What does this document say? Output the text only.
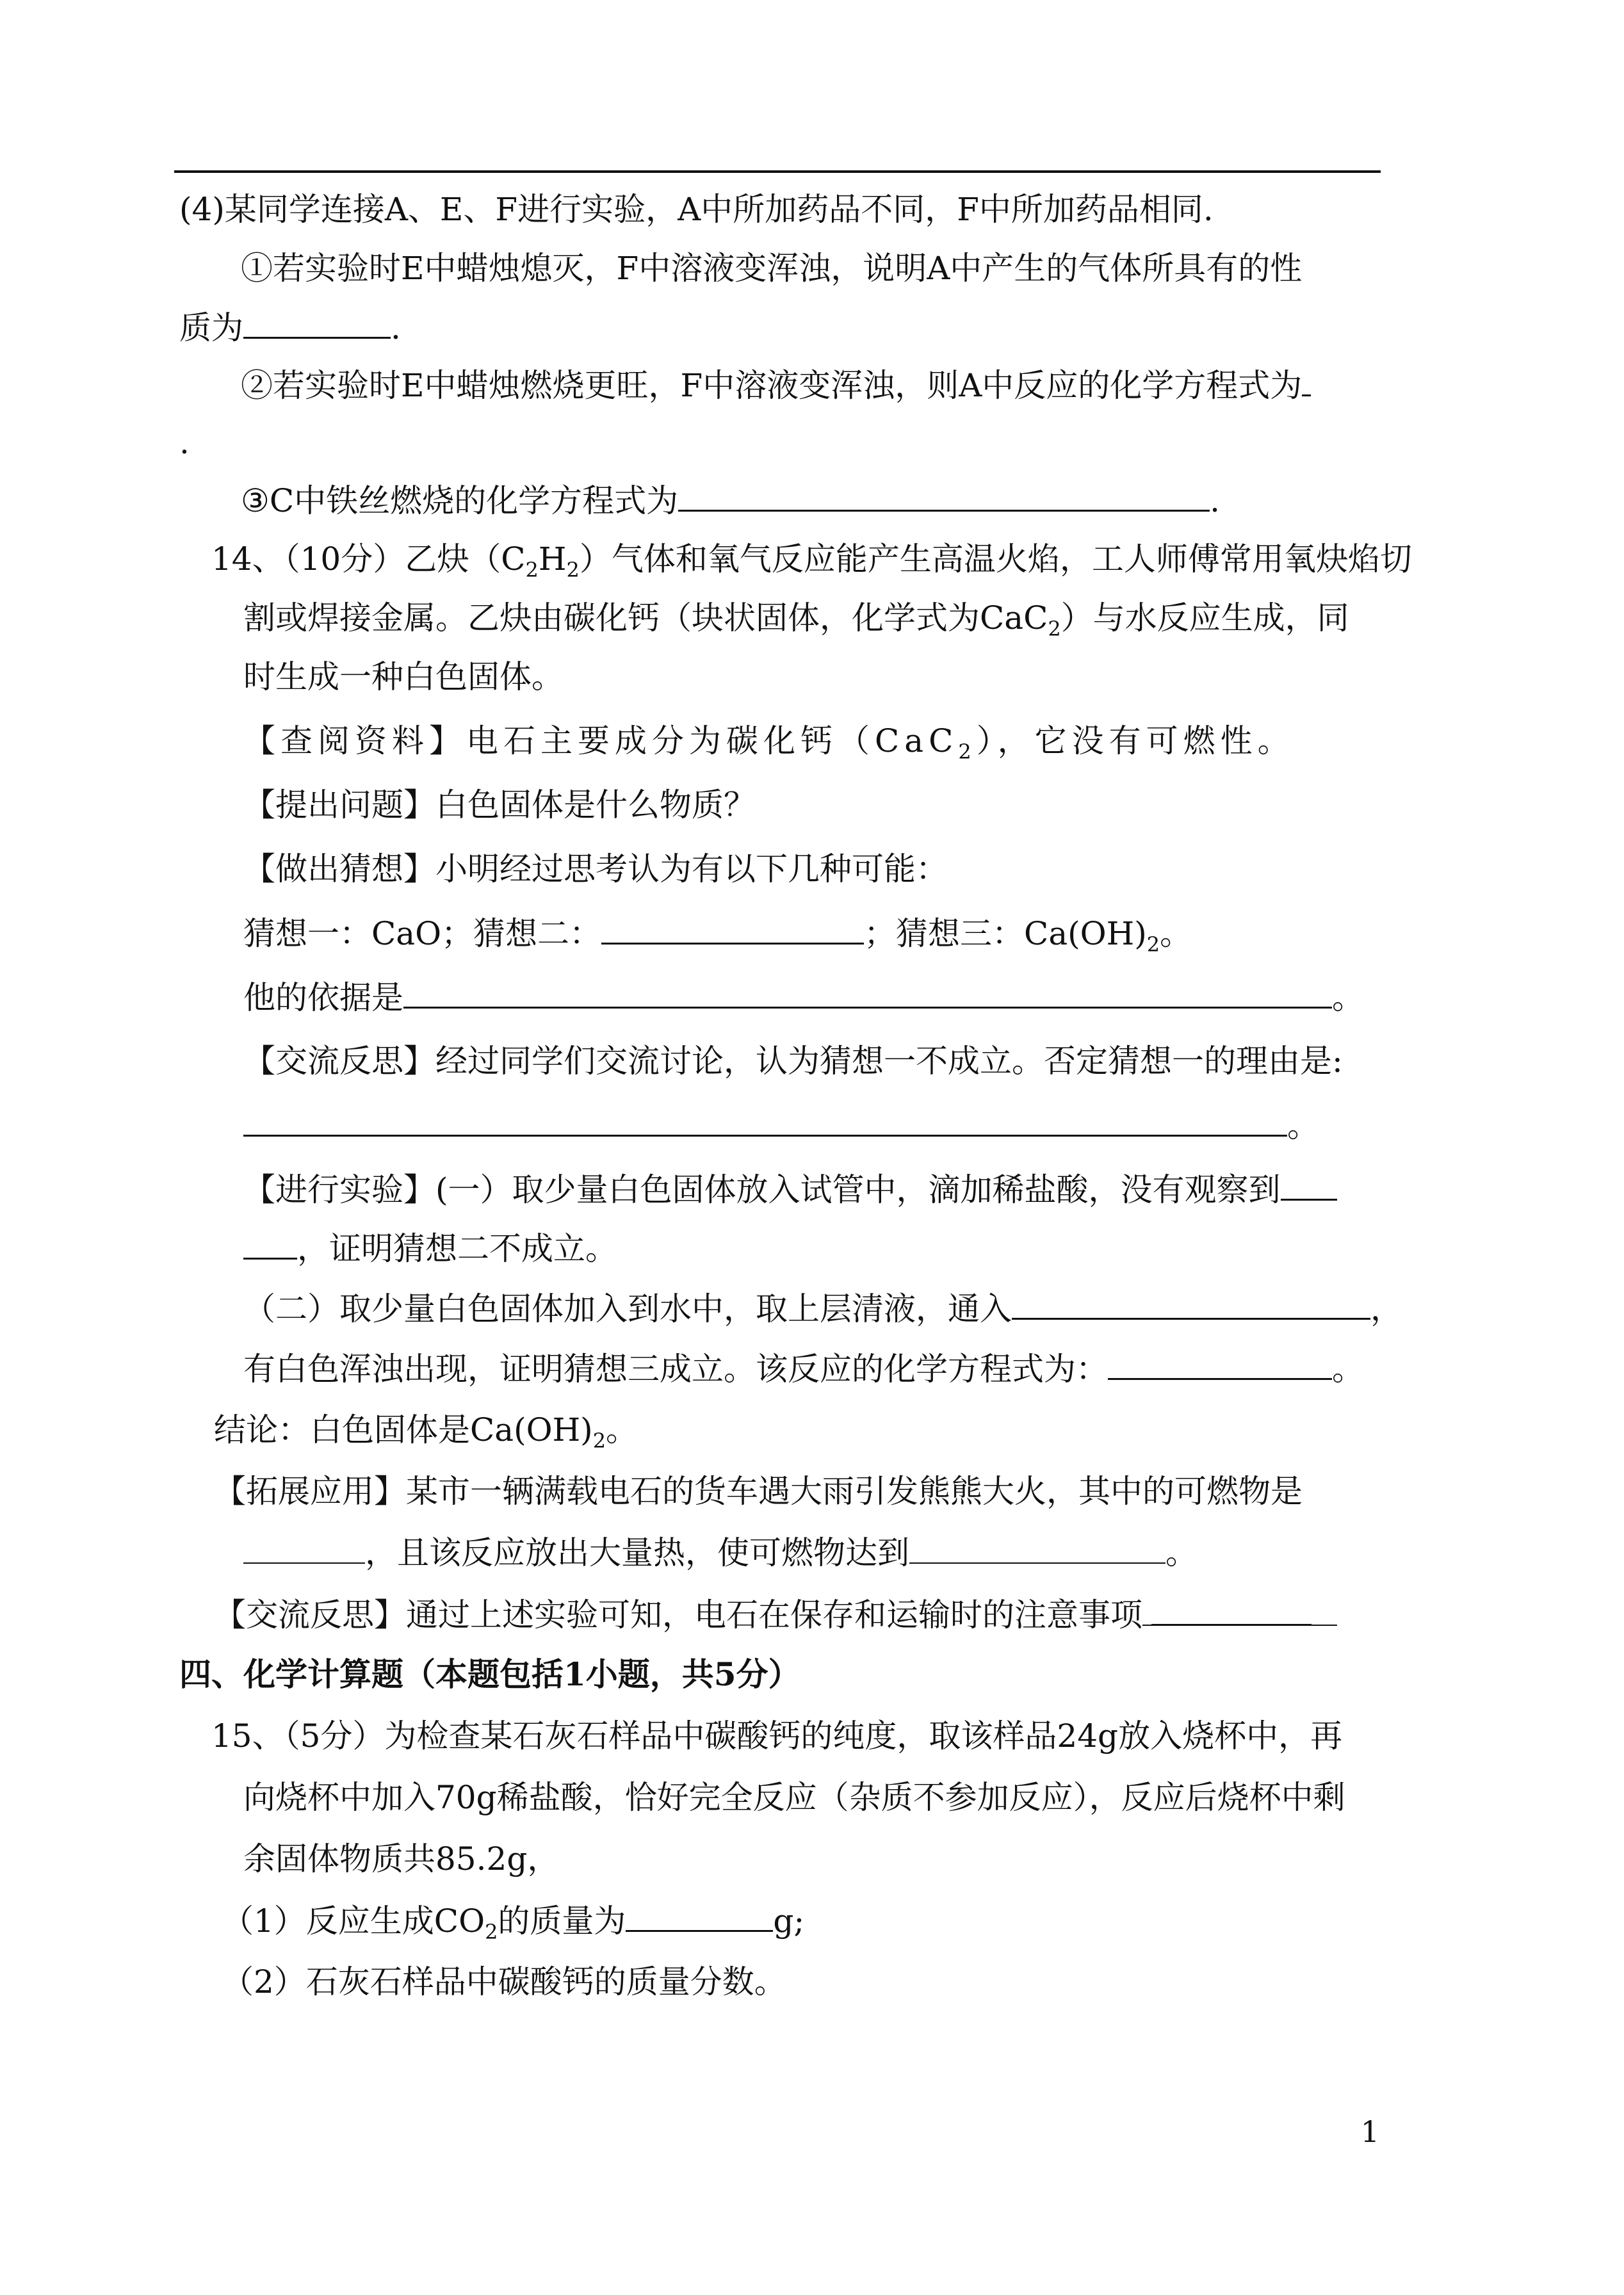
(4)某同学连接A、E、F进行实验，A中所加药品不同，F中所加药品相同.
①若实验时E中蜡烛熄灭，F中溶液变浑浊，说明A中产生的气体所具有的性
质为	.
②若实验时E中蜡烛燃烧更旺，F中溶液变浑浊，则A中反应的化学方程式为
.
③C中铁丝燃烧的化学方程式为	.
14、（10分）乙炔$(C_2H_2)$气体和氧气反应能产生高温火焰，工人师傅常用氧炔焰切
割或焊接金属。乙炔由碳化钙（块状固体，化学式为CaC$_2$）与水反应生成，同
时生成一种白色固体。
【查阅资料】电石主要成分为碳化钙（CaC$_2$），它没有可燃性。
【提出问题】白色固体是什么物质？
【做出猜想】小明经过思考认为有以下几种可能：
猜想一：CaO；猜想二：	；猜想三：$Ca(OH)_2$。
他的依据是	。
【交流反思】经过同学们交流讨论，认为猜想一不成立。否定猜想一的理由是:
。
【进行实验】(一）取少量白色固体放入试管中，滴加稀盐酸，没有观察到
，证明猜想二不成立。
（二）取少量白色固体加入到水中，取上层清液，通入	，
有白色浑浊出现，证明猜想三成立。该反应的化学方程式为：	。
结论：白色固体是$Ca(OH)_2$。
【拓展应用】某市一辆满载电石的货车遇大雨引发熊熊大火，其中的可燃物是
，且该反应放出大量热，使可燃物达到	。
【交流反思】通过上述实验可知，电石在保存和运输时的注意事项
四、化学计算题（本题包括1小题，共5分）
15、（5分）为检查某石灰石样品中碳酸钙的纯度，取该样品24g放入烧杯中，再
向烧杯中加入70g稀盐酸，恰好完全反应（杂质不参加反应），反应后烧杯中剩
余固体物质共85.2g，
（1）反应生成$CO_2$的质量为	g;
（2）石灰石样品中碳酸钙的质量分数。
1
